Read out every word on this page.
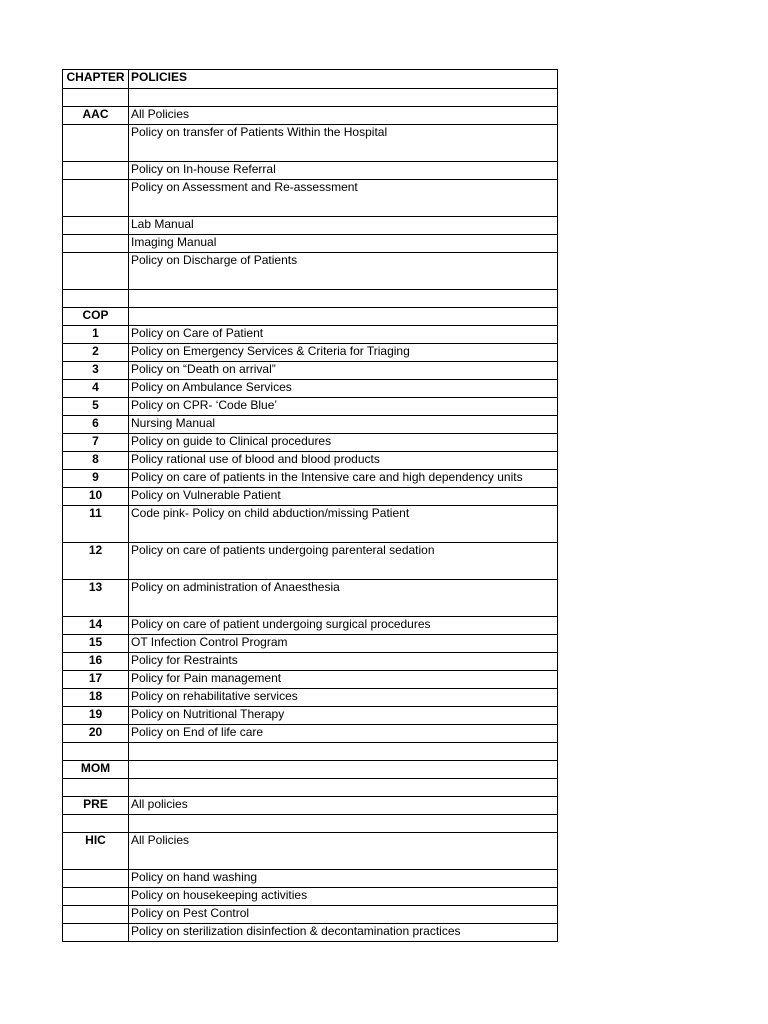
CHAPTER	POLICIES

AAC	All Policies
	Policy on transfer of Patients Within the Hospital
	Policy on In-house Referral
	Policy on Assessment and Re-assessment
	Lab Manual
	Imaging Manual
	Policy on Discharge of Patients

COP	
1	Policy on Care of Patient
2	Policy on Emergency Services & Criteria for Triaging
3	Policy on “Death on arrival”
4	Policy on Ambulance Services
5	Policy on CPR- ‘Code Blue’
6	Nursing Manual
7	Policy on guide to Clinical procedures
8	Policy rational use of blood and blood products
9	Policy on care of patients in the Intensive care and high dependency units
10	Policy on Vulnerable Patient
11	Code pink- Policy on child abduction/missing Patient
12	Policy on care of patients undergoing parenteral sedation
13	Policy on administration of Anaesthesia
14	Policy on care of patient undergoing surgical procedures
15	OT Infection Control Program
16	Policy for Restraints
17	Policy for Pain management
18	Policy on rehabilitative services
19	Policy on Nutritional Therapy
20	Policy on End of life care

MOM	

PRE	All policies

HIC	All Policies
	Policy on hand washing
	Policy on housekeeping activities
	Policy on Pest Control
	Policy on sterilization disinfection & decontamination practices
